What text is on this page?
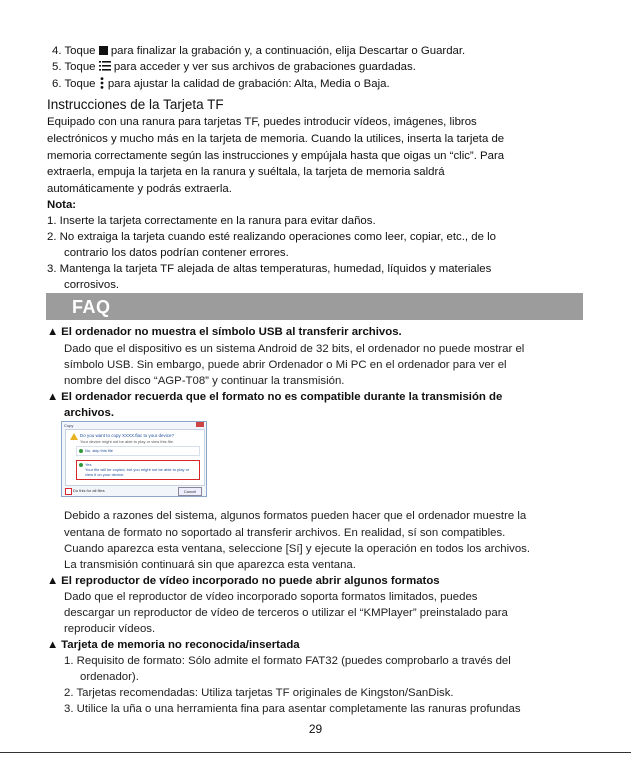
4. Toque para finalizar la grabación y, a continuación, elija Descartar o Guardar.
5. Toque para acceder y ver sus archivos de grabaciones guardadas.
6. Toque para ajustar la calidad de grabación: Alta, Media o Baja.
Instrucciones de la Tarjeta TF
Equipado con una ranura para tarjetas TF, puedes introducir vídeos, imágenes, libros
electrónicos y mucho más en la tarjeta de memoria. Cuando la utilices, inserta la tarjeta de
memoria correctamente según las instrucciones y empújala hasta que oigas un “clic”. Para
extraerla, empuja la tarjeta en la ranura y suéltala, la tarjeta de memoria saldrá
automáticamente y podrás extraerla.
Nota:
1. Inserte la tarjeta correctamente en la ranura para evitar daños.
2. No extraiga la tarjeta cuando esté realizando operaciones como leer, copiar, etc., de lo
contrario los datos podrían contener errores.
3. Mantenga la tarjeta TF alejada de altas temperaturas, humedad, líquidos y materiales
corrosivos.
FAQ
▲ El ordenador no muestra el símbolo USB al transferir archivos.
Dado que el dispositivo es un sistema Android de 32 bits, el ordenador no puede mostrar el
símbolo USB. Sin embargo, puede abrir Ordenador o Mi PC en el ordenador para ver el
nombre del disco “AGP-T08” y continuar la transmisión.
▲ El ordenador recuerda que el formato no es compatible durante la transmisión de
archivos.
Copy
Do you want to copy XXXX.flac to your device?
Your device might not be able to play or view this file.
No, skip this file
Yes
Your file will be copied, but you might not be able to play or view it on your device.
Do this for all files	Cancel
Debido a razones del sistema, algunos formatos pueden hacer que el ordenador muestre la
ventana de formato no soportado al transferir archivos. En realidad, sí son compatibles.
Cuando aparezca esta ventana, seleccione [Sí] y ejecute la operación en todos los archivos.
La transmisión continuará sin que aparezca esta ventana.
▲ El reproductor de vídeo incorporado no puede abrir algunos formatos
Dado que el reproductor de vídeo incorporado soporta formatos limitados, puedes
descargar un reproductor de vídeo de terceros o utilizar el “KMPlayer” preinstalado para
reproducir vídeos.
▲ Tarjeta de memoria no reconocida/insertada
1. Requisito de formato: Sólo admite el formato FAT32 (puedes comprobarlo a través del
ordenador).
2. Tarjetas recomendadas: Utiliza tarjetas TF originales de Kingston/SanDisk.
3. Utilice la uña o una herramienta fina para asentar completamente las ranuras profundas
29
